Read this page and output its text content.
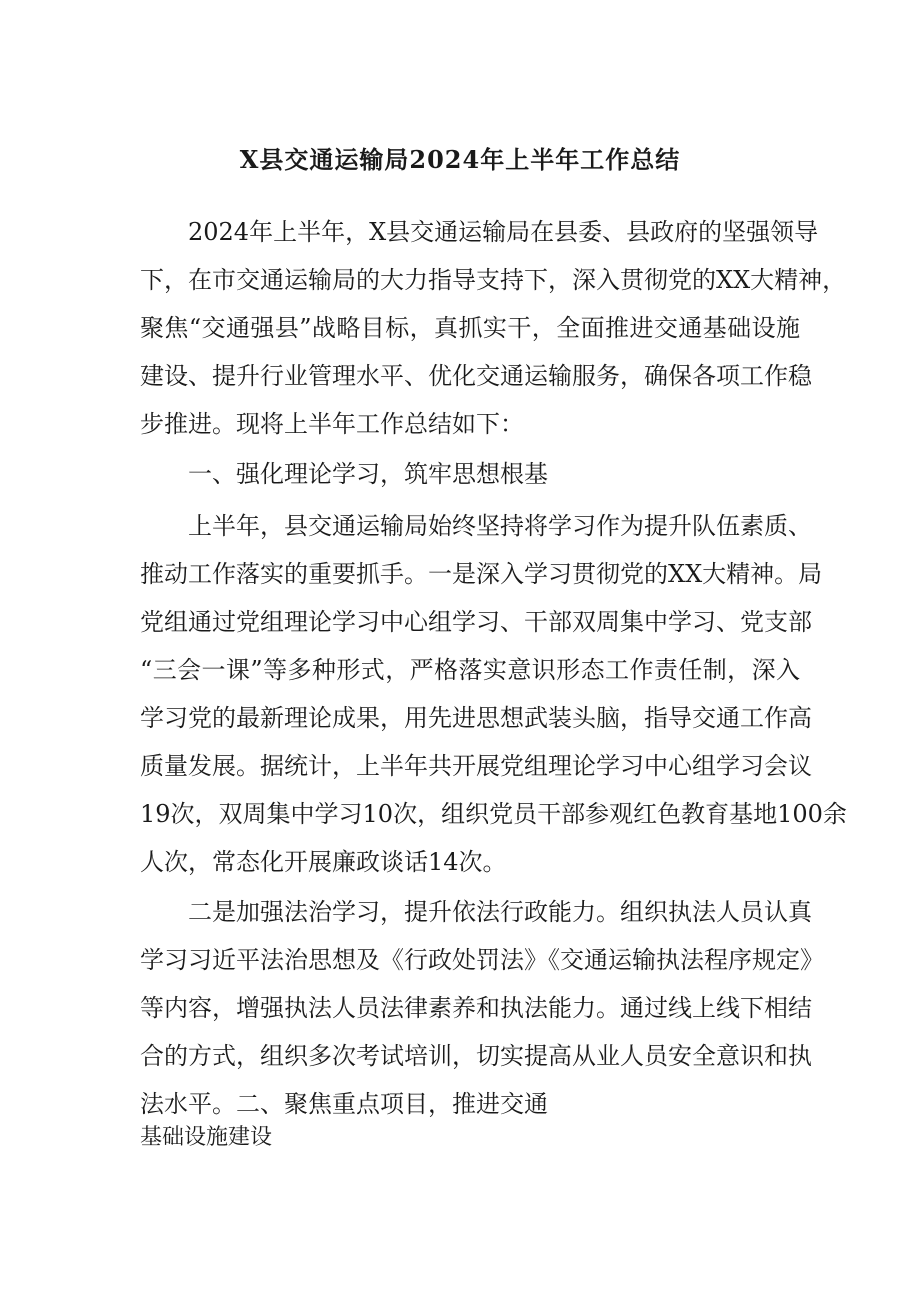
X县交通运输局2024年上半年工作总结

2024年上半年，X县交通运输局在县委、县政府的坚强领导

下，在市交通运输局的大力指导支持下，深入贯彻党的XX大精神，

聚焦“交通强县”战略目标，真抓实干，全面推进交通基础设施

建设、提升行业管理水平、优化交通运输服务，确保各项工作稳

步推进。现将上半年工作总结如下：

一、强化理论学习，筑牢思想根基

上半年，县交通运输局始终坚持将学习作为提升队伍素质、

推动工作落实的重要抓手。一是深入学习贯彻党的XX大精神。局

党组通过党组理论学习中心组学习、干部双周集中学习、党支部

“三会一课”等多种形式，严格落实意识形态工作责任制，深入

学习党的最新理论成果，用先进思想武装头脑，指导交通工作高

质量发展。据统计，上半年共开展党组理论学习中心组学习会议

19次，双周集中学习10次，组织党员干部参观红色教育基地100余

人次，常态化开展廉政谈话14次。

二是加强法治学习，提升依法行政能力。组织执法人员认真

学习习近平法治思想及《行政处罚法》《交通运输执法程序规定》

等内容，增强执法人员法律素养和执法能力。通过线上线下相结

合的方式，组织多次考试培训，切实提高从业人员安全意识和执

法水平。二、聚焦重点项目，推进交通

基础设施建设
